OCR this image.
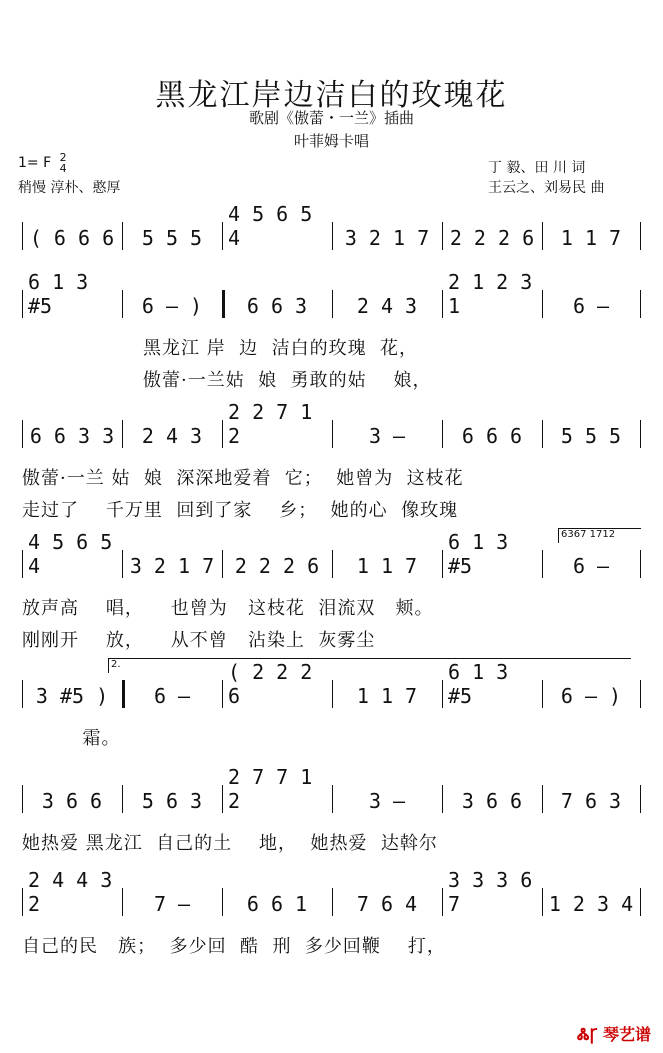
黑龙江岸边洁白的玫瑰花
歌剧《傲蕾・一兰》插曲
叶菲姆卡唱
1= F 2
4
稍慢 淳朴、憨厚
丁 毅、田 川 词
王云之、刘易民 曲
( 6 6 6	5 5 5
4 5 6 5 4	3 2 1 7	2 2 2 6	1 1 7
6 1 3 #5	6 — )	6 6 3	2 4 3
2 1 2 3 1	6 —
黑龙江 岸  边  洁白的玫瑰  花，
傲蕾·一兰姑  娘  勇敢的姑    娘，
6 6 3 3	2 4 3
2 2 7 1 2	3 —	6 6 6	5 5 5
傲蕾·一兰 姑  娘  深深地爱着  它；  她曾为  这枝花
走过了    千万里  回到了家    乡；  她的心  像玫瑰
4 5 6 5 4	3 2 1 7	2 2 2 6	1 1 7
6 1 3 #5	6 —
放声高    唱，    也曾为   这枝花  泪流双   颊。
刚刚开    放，    从不曾   沾染上  灰雾尘
6367 1712
3 #5 )	6 —
( 2 2 2 6	1 1 7
6 1 3 #5	6 — )
霜。
2.
3 6 6	5 6 3
2 7 7 1 2	3 —	3 6 6	7 6 3
她热爱 黑龙江  自己的土    地，  她热爱  达斡尔
2 4 4 3 2	7 —	6 6 1	7 6 4
3 3 3 6 7	1 2 3 4
自己的民   族；  多少回  酷  刑  多少回鞭    打，
ᏜꞄ 琴艺谱
